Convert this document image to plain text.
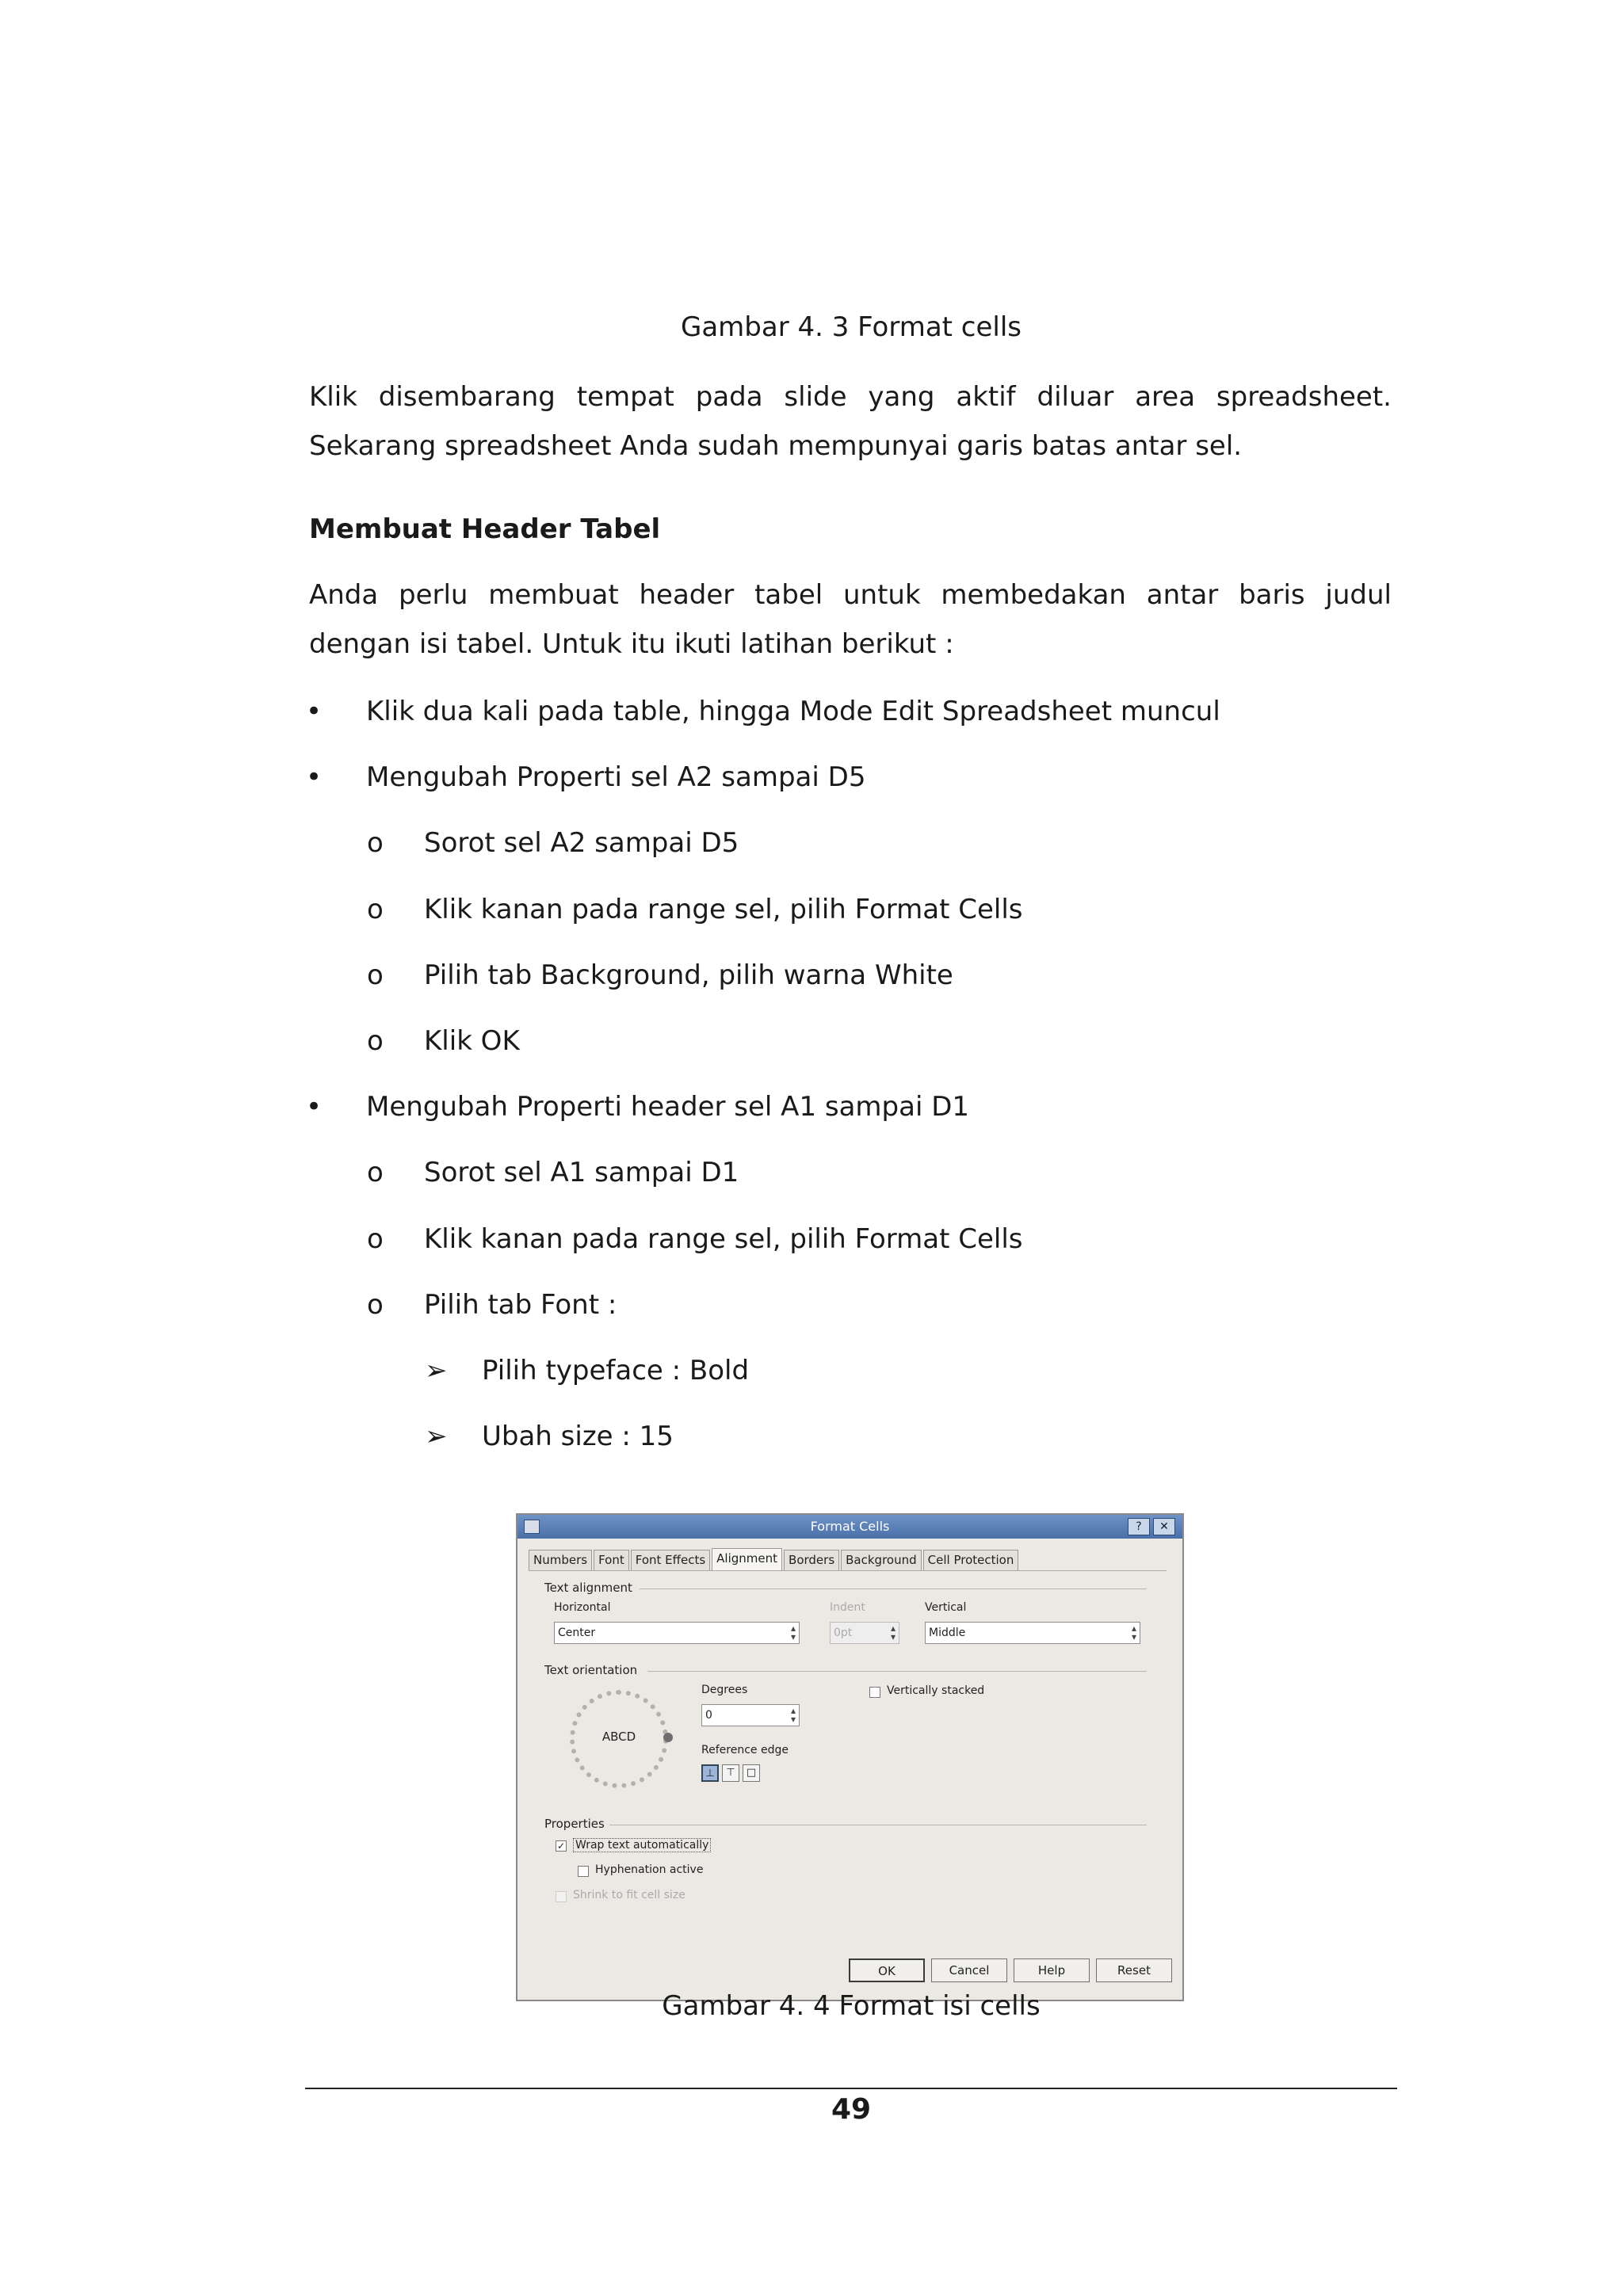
Gambar 4. 3 Format cells
Klik disembarang tempat pada slide yang aktif diluar area spreadsheet.
Sekarang spreadsheet Anda sudah mempunyai garis batas antar sel.
Membuat Header Tabel
Anda perlu membuat header tabel untuk membedakan antar baris judul
dengan isi tabel. Untuk itu ikuti latihan berikut :
• Klik dua kali pada table, hingga Mode Edit Spreadsheet muncul
• Mengubah Properti sel A2 sampai D5
o Sorot sel A2 sampai D5
o Klik kanan pada range sel, pilih Format Cells
o Pilih tab Background, pilih warna White
o Klik OK
• Mengubah Properti header sel A1 sampai D1
o Sorot sel A1 sampai D1
o Klik kanan pada range sel, pilih Format Cells
o Pilih tab Font :
➢ Pilih typeface : Bold
➢ Ubah size : 15
Format Cells	?	✕
Numbers Font Font Effects Alignment Borders Background Cell Protection
Text alignment
Horizontal
Center	▴
▾
Indent
0pt	▴
▾
Vertical
Middle	▴
▾
Text orientation
ABCD
Degrees
0	▴
▾
Reference edge
⊥	⊤	□
Vertically stacked
Properties
✓ Wrap text automatically
Hyphenation active
Shrink to fit cell size
OK	Cancel	Help	Reset
Gambar 4. 4 Format isi cells
49
